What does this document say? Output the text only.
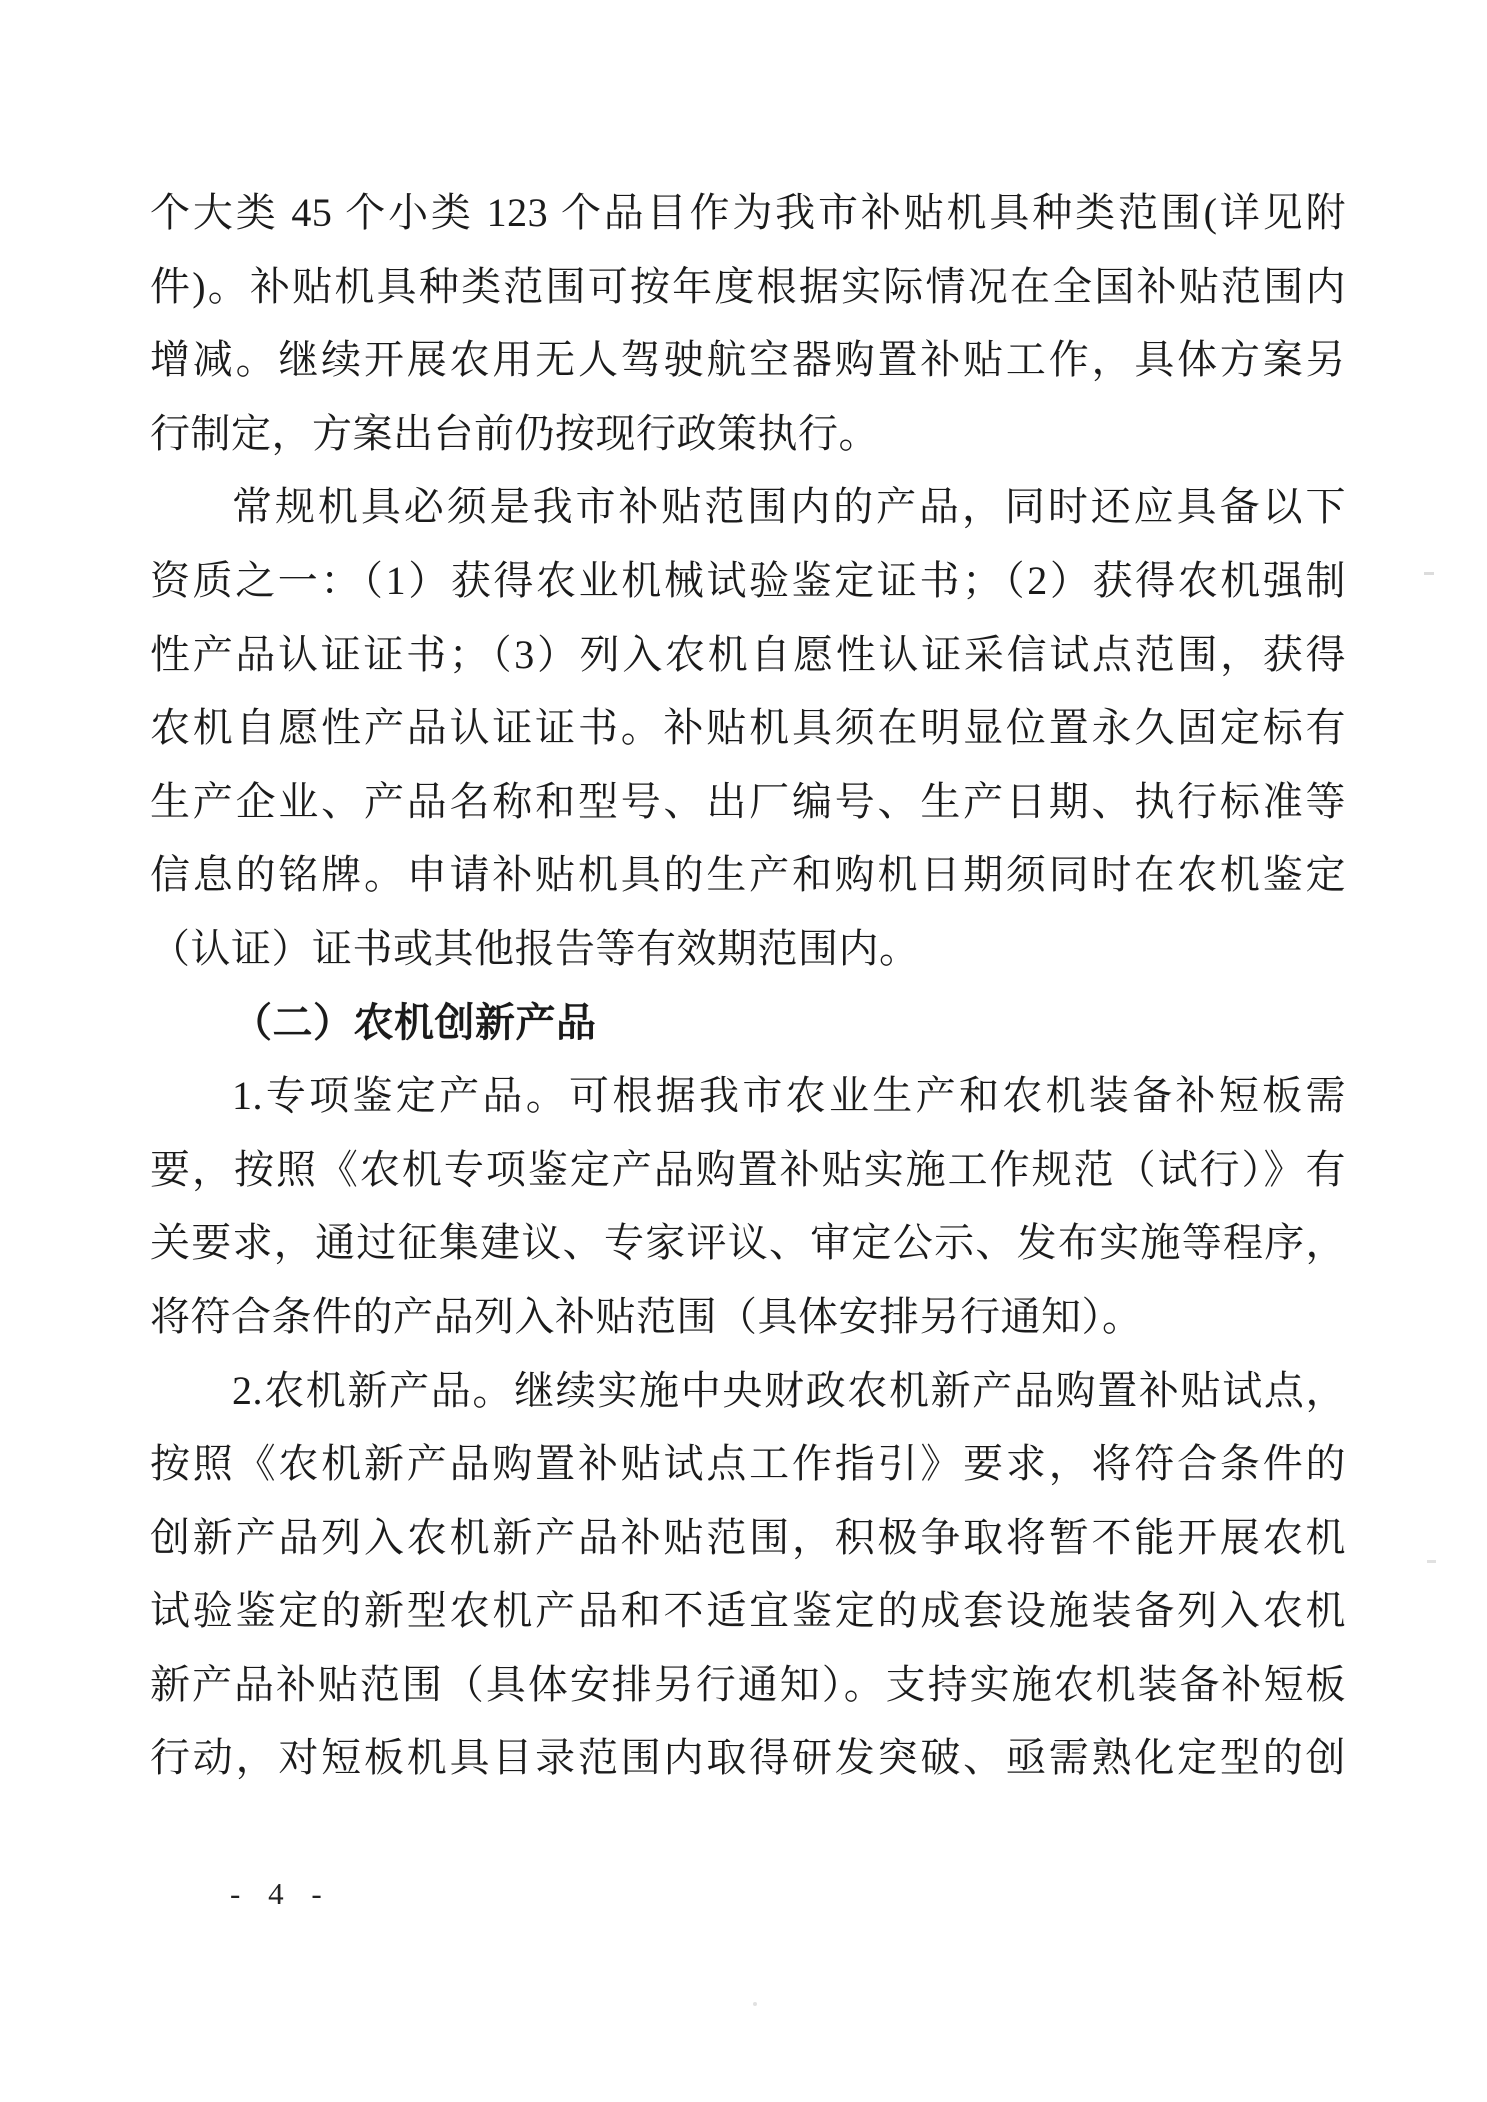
个大类 45 个小类 123 个品目作为我市补贴机具种类范围(详见附
件)。补贴机具种类范围可按年度根据实际情况在全国补贴范围内
增减。继续开展农用无人驾驶航空器购置补贴工作，具体方案另
行制定，方案出台前仍按现行政策执行。
常规机具必须是我市补贴范围内的产品，同时还应具备以下
资质之一：（1）获得农业机械试验鉴定证书；（2）获得农机强制
性产品认证证书；（3）列入农机自愿性认证采信试点范围，获得
农机自愿性产品认证证书。补贴机具须在明显位置永久固定标有
生产企业、产品名称和型号、出厂编号、生产日期、执行标准等
信息的铭牌。申请补贴机具的生产和购机日期须同时在农机鉴定
（认证）证书或其他报告等有效期范围内。
（二）农机创新产品
1.专项鉴定产品。可根据我市农业生产和农机装备补短板需
要，按照《农机专项鉴定产品购置补贴实施工作规范（试行）》有
关要求，通过征集建议、专家评议、审定公示、发布实施等程序，
将符合条件的产品列入补贴范围（具体安排另行通知）。
2.农机新产品。继续实施中央财政农机新产品购置补贴试点，
按照《农机新产品购置补贴试点工作指引》要求，将符合条件的
创新产品列入农机新产品补贴范围，积极争取将暂不能开展农机
试验鉴定的新型农机产品和不适宜鉴定的成套设施装备列入农机
新产品补贴范围（具体安排另行通知）。支持实施农机装备补短板
行动，对短板机具目录范围内取得研发突破、亟需熟化定型的创
- 4 -
